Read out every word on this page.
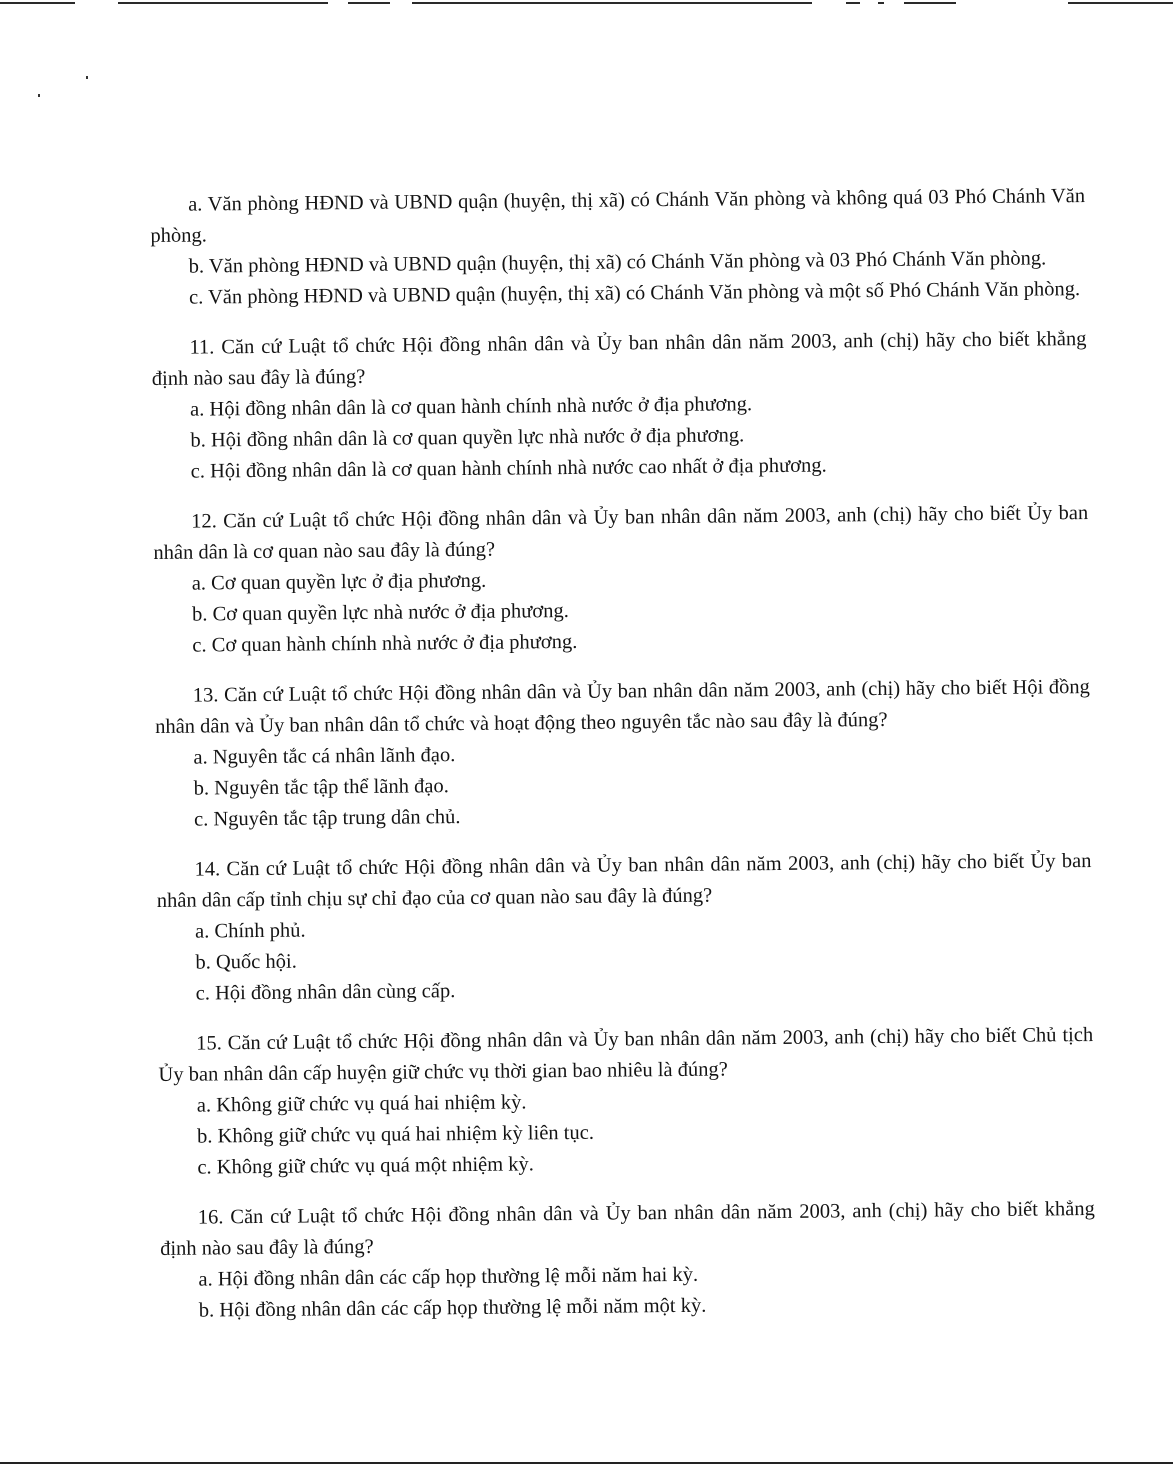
a. Văn phòng HĐND và UBND quận (huyện, thị xã) có Chánh Văn phòng và không quá 03 Phó Chánh Văn phòng.

b. Văn phòng HĐND và UBND quận (huyện, thị xã) có Chánh Văn phòng và 03 Phó Chánh Văn phòng.

c. Văn phòng HĐND và UBND quận (huyện, thị xã) có Chánh Văn phòng và một số Phó Chánh Văn phòng.

11. Căn cứ Luật tổ chức Hội đồng nhân dân và Ủy ban nhân dân năm 2003, anh (chị) hãy cho biết khẳng định nào sau đây là đúng?

a. Hội đồng nhân dân là cơ quan hành chính nhà nước ở địa phương.

b. Hội đồng nhân dân là cơ quan quyền lực nhà nước ở địa phương.

c. Hội đồng nhân dân là cơ quan hành chính nhà nước cao nhất ở địa phương.

12. Căn cứ Luật tổ chức Hội đồng nhân dân và Ủy ban nhân dân năm 2003, anh (chị) hãy cho biết Ủy ban nhân dân là cơ quan nào sau đây là đúng?

a. Cơ quan quyền lực ở địa phương.

b. Cơ quan quyền lực nhà nước ở địa phương.

c. Cơ quan hành chính nhà nước ở địa phương.

13. Căn cứ Luật tổ chức Hội đồng nhân dân và Ủy ban nhân dân năm 2003, anh (chị) hãy cho biết Hội đồng nhân dân và Ủy ban nhân dân tổ chức và hoạt động theo nguyên tắc nào sau đây là đúng?

a. Nguyên tắc cá nhân lãnh đạo.

b. Nguyên tắc tập thể lãnh đạo.

c. Nguyên tắc tập trung dân chủ.

14. Căn cứ Luật tổ chức Hội đồng nhân dân và Ủy ban nhân dân năm 2003, anh (chị) hãy cho biết Ủy ban nhân dân cấp tỉnh chịu sự chỉ đạo của cơ quan nào sau đây là đúng?

a. Chính phủ.

b. Quốc hội.

c. Hội đồng nhân dân cùng cấp.

15. Căn cứ Luật tổ chức Hội đồng nhân dân và Ủy ban nhân dân năm 2003, anh (chị) hãy cho biết Chủ tịch Ủy ban nhân dân cấp huyện giữ chức vụ thời gian bao nhiêu là đúng?

a. Không giữ chức vụ quá hai nhiệm kỳ.

b. Không giữ chức vụ quá hai nhiệm kỳ liên tục.

c. Không giữ chức vụ quá một nhiệm kỳ.

16. Căn cứ Luật tổ chức Hội đồng nhân dân và Ủy ban nhân dân năm 2003, anh (chị) hãy cho biết khẳng định nào sau đây là đúng?

a. Hội đồng nhân dân các cấp họp thường lệ mỗi năm hai kỳ.

b. Hội đồng nhân dân các cấp họp thường lệ mỗi năm một kỳ.
